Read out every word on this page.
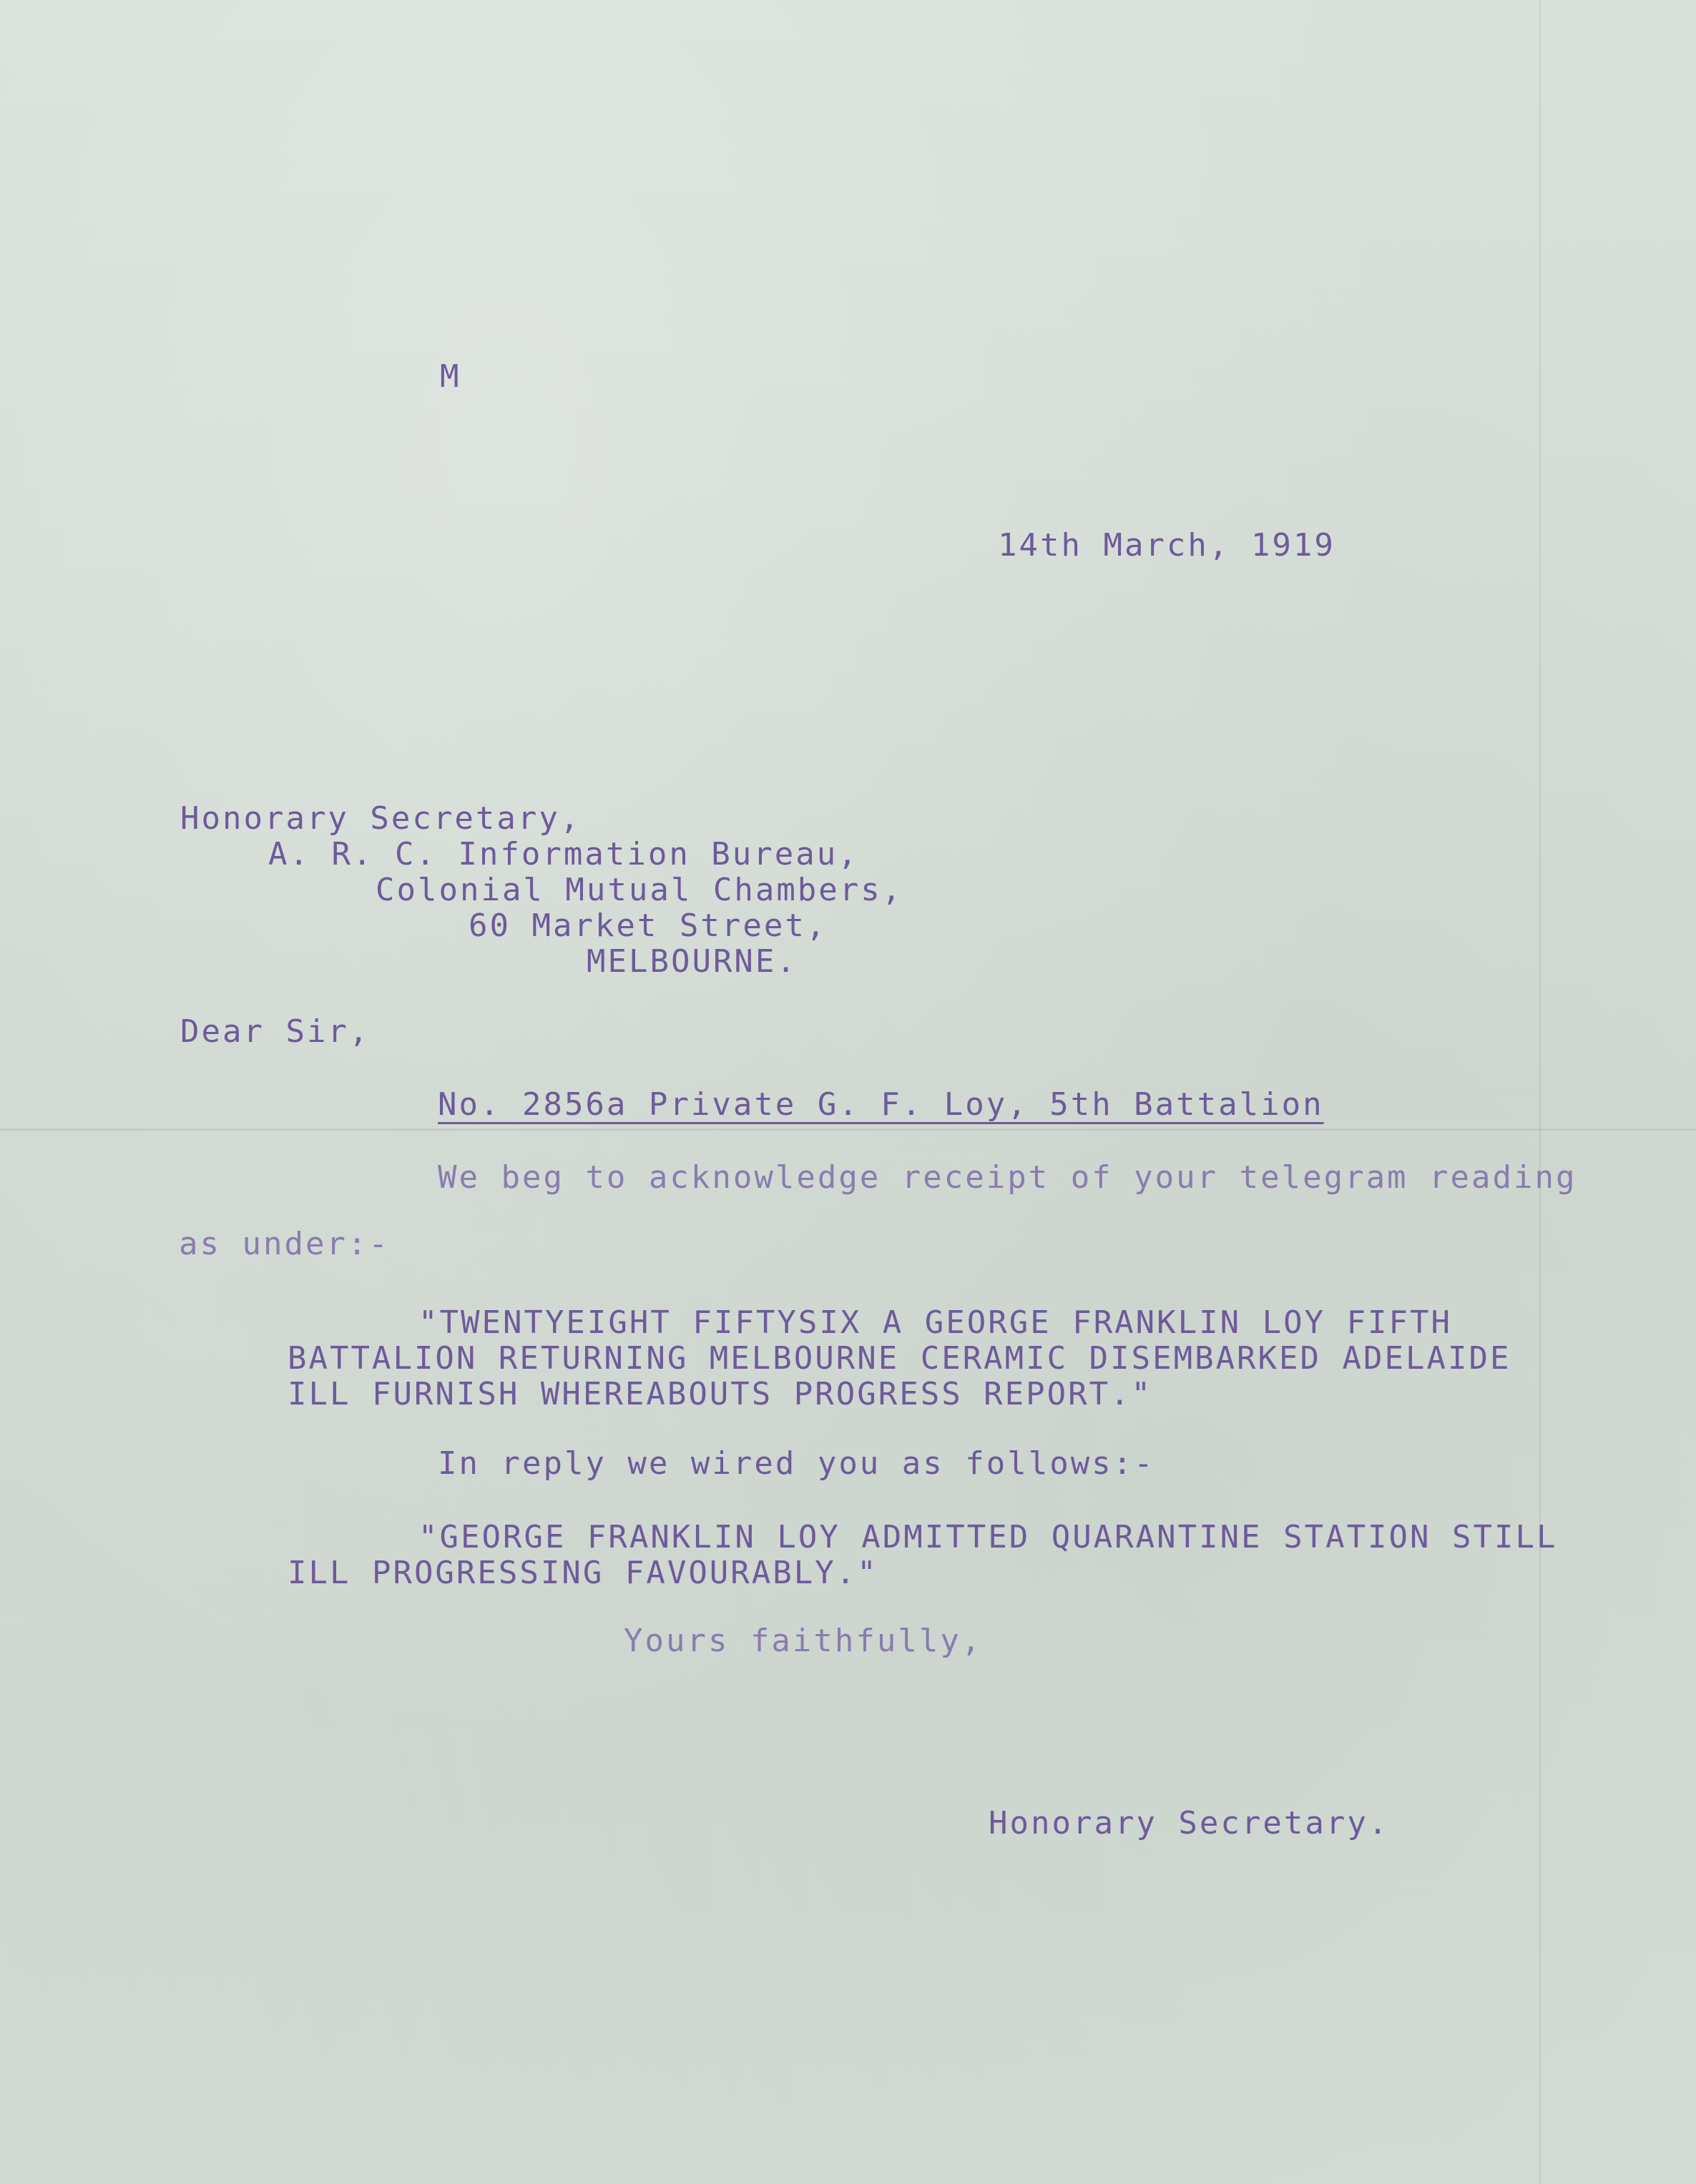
M

14th March, 1919

Honorary Secretary,

A. R. C. Information Bureau,

Colonial Mutual Chambers,

60 Market Street,

MELBOURNE.

Dear Sir,

No. 2856a Private G. F. Loy, 5th Battalion

We beg to acknowledge receipt of your telegram reading

as under:-

"TWENTYEIGHT FIFTYSIX A GEORGE FRANKLIN LOY FIFTH

BATTALION RETURNING MELBOURNE CERAMIC DISEMBARKED ADELAIDE

ILL FURNISH WHEREABOUTS PROGRESS REPORT."

In reply we wired you as follows:-

"GEORGE FRANKLIN LOY ADMITTED QUARANTINE STATION STILL

ILL PROGRESSING FAVOURABLY."

Yours faithfully,

Honorary Secretary.
